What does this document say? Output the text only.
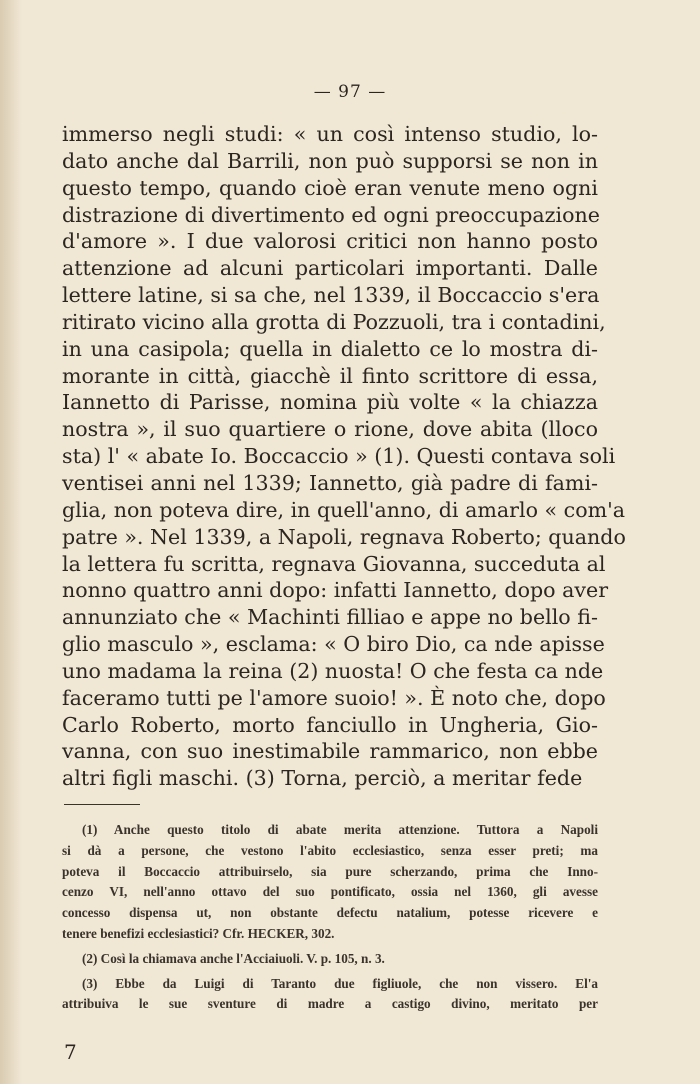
— 97 —
immerso negli studi: « un così intenso studio, lo-
dato anche dal Barrili, non può supporsi se non in
questo tempo, quando cioè eran venute meno ogni
distrazione di divertimento ed ogni preoccupazione
d'amore ». I due valorosi critici non hanno posto
attenzione ad alcuni particolari importanti. Dalle
lettere latine, si sa che, nel 1339, il Boccaccio s'era
ritirato vicino alla grotta di Pozzuoli, tra i contadini,
in una casipola; quella in dialetto ce lo mostra di-
morante in città, giacchè il finto scrittore di essa,
Iannetto di Parisse, nomina più volte « la chiazza
nostra », il suo quartiere o rione, dove abita (lloco
sta) l' « abate Io. Boccaccio » (1). Questi contava soli
ventisei anni nel 1339; Iannetto, già padre di fami-
glia, non poteva dire, in quell'anno, di amarlo « com'a
patre ». Nel 1339, a Napoli, regnava Roberto; quando
la lettera fu scritta, regnava Giovanna, succeduta al
nonno quattro anni dopo: infatti Iannetto, dopo aver
annunziato che « Machinti filliao e appe no bello fi-
glio masculo », esclama: « O biro Dio, ca nde apisse
uno madama la reina (2) nuosta! O che festa ca nde
faceramo tutti pe l'amore suoio! ». È noto che, dopo
Carlo Roberto, morto fanciullo in Ungheria, Gio-
vanna, con suo inestimabile rammarico, non ebbe
altri figli maschi. (3) Torna, perciò, a meritar fede
(1) Anche questo titolo di abate merita attenzione. Tuttora a Napoli
si dà a persone, che vestono l'abito ecclesiastico, senza esser preti; ma
poteva il Boccaccio attribuirselo, sia pure scherzando, prima che Inno-
cenzo VI, nell'anno ottavo del suo pontificato, ossia nel 1360, gli avesse
concesso dispensa ut, non obstante defectu natalium, potesse ricevere e
tenere benefizi ecclesiastici? Cfr. HECKER, 302.
(2) Così la chiamava anche l'Acciaiuoli. V. p. 105, n. 3.
(3) Ebbe da Luigi di Taranto due figliuole, che non vissero. El'a
attribuiva le sue sventure di madre a castigo divino, meritato per
7
